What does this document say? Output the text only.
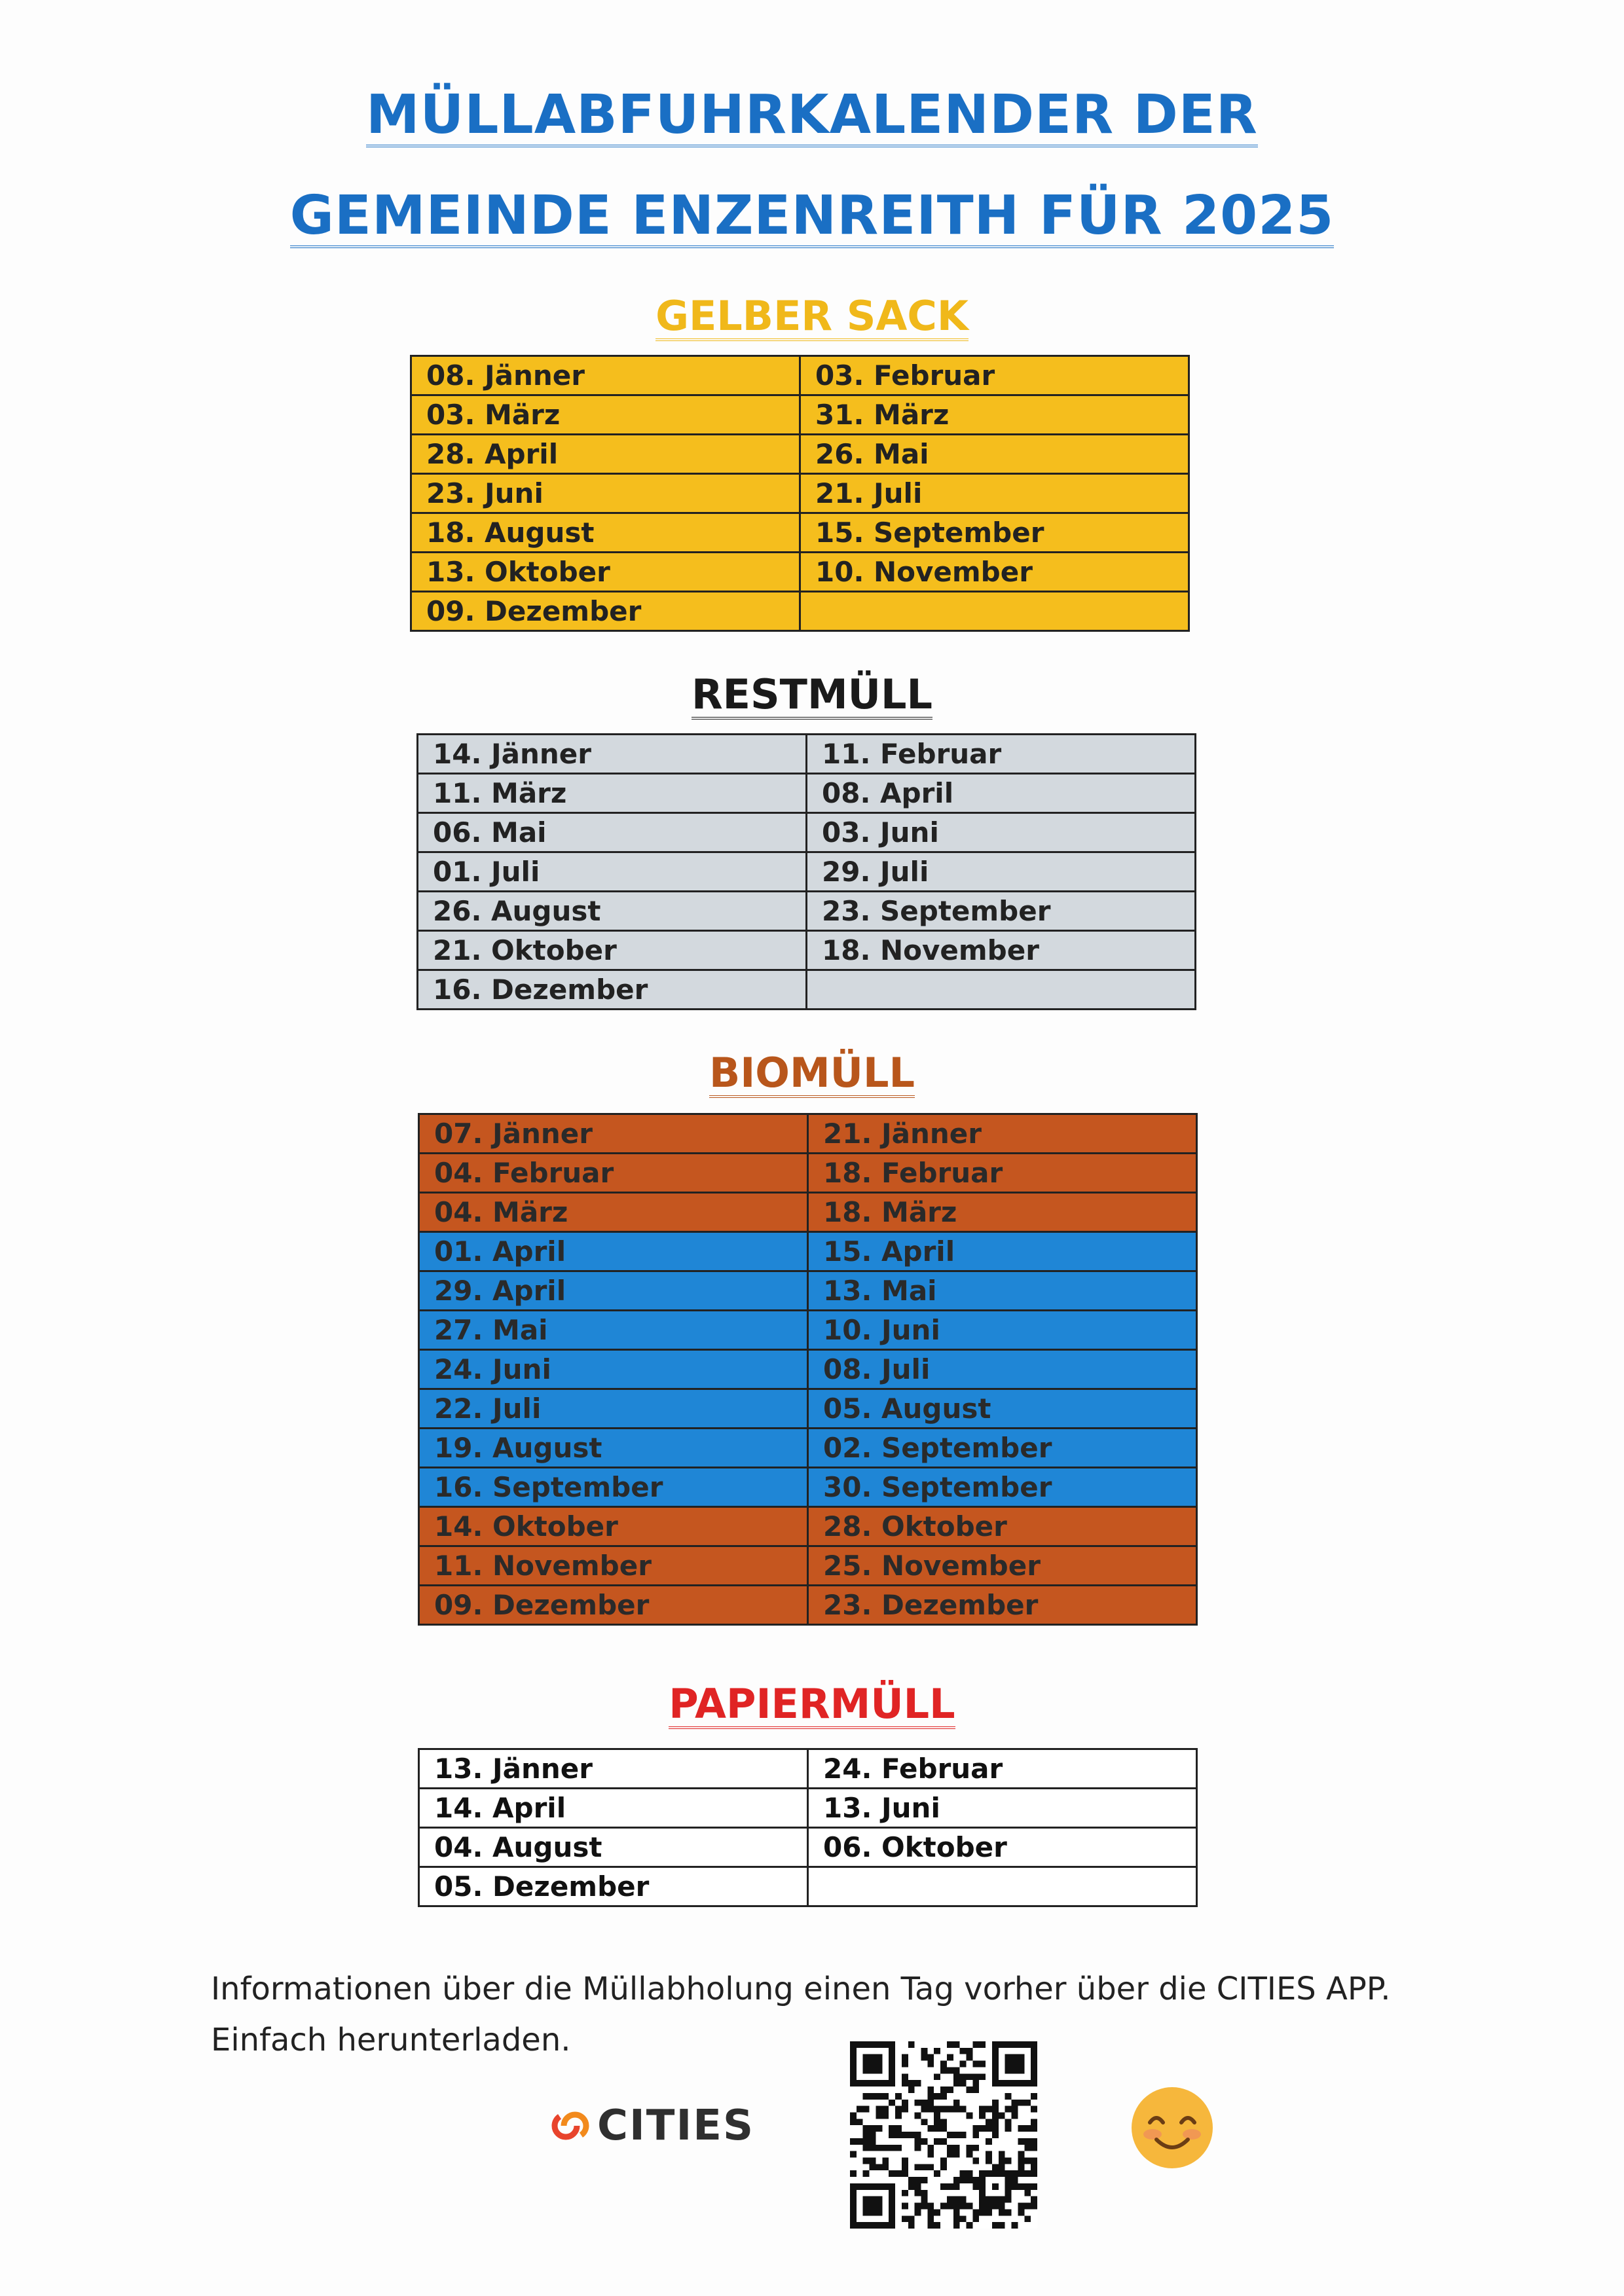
MÜLLABFUHRKALENDER DER
GEMEINDE ENZENREITH FÜR 2025
GELBER SACK
08. Jänner	03. Februar
03. März	31. März
28. April	26. Mai
23. Juni	21. Juli
18. August	15. September
13. Oktober	10. November
09. Dezember	
RESTMÜLL
14. Jänner	11. Februar
11. März	08. April
06. Mai	03. Juni
01. Juli	29. Juli
26. August	23. September
21. Oktober	18. November
16. Dezember	
BIOMÜLL
07. Jänner	21. Jänner
04. Februar	18. Februar
04. März	18. März
01. April	15. April
29. April	13. Mai
27. Mai	10. Juni
24. Juni	08. Juli
22. Juli	05. August
19. August	02. September
16. September	30. September
14. Oktober	28. Oktober
11. November	25. November
09. Dezember	23. Dezember
PAPIERMÜLL
13. Jänner	24. Februar
14. April	13. Juni
04. August	06. Oktober
05. Dezember	
Informationen über die Müllabholung einen Tag vorher über die CITIES APP.
Einfach herunterladen.
CITIES
